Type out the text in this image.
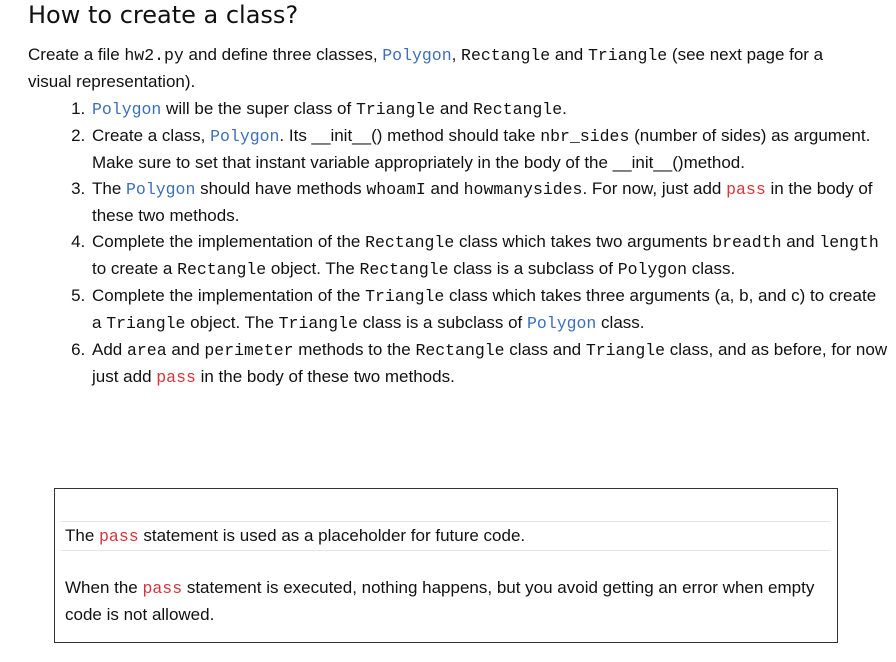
How to create a class?

Create a file hw2.py and define three classes, Polygon, Rectangle and Triangle (see next page for a visual representation).

1. Polygon will be the super class of Triangle and Rectangle.
2. Create a class, Polygon. Its __init__() method should take nbr_sides (number of sides) as argument. Make sure to set that instant variable appropriately in the body of the __init__()method.
3. The Polygon should have methods whoamI and howmanysides. For now, just add pass in the body of these two methods.
4. Complete the implementation of the Rectangle class which takes two arguments breadth and length to create a Rectangle object. The Rectangle class is a subclass of Polygon class.
5. Complete the implementation of the Triangle class which takes three arguments (a, b, and c) to create a Triangle object. The Triangle class is a subclass of Polygon class.
6. Add area and perimeter methods to the Rectangle class and Triangle class, and as before, for now just add pass in the body of these two methods.
The pass statement is used as a placeholder for future code.
When the pass statement is executed, nothing happens, but you avoid getting an error when empty code is not allowed.
